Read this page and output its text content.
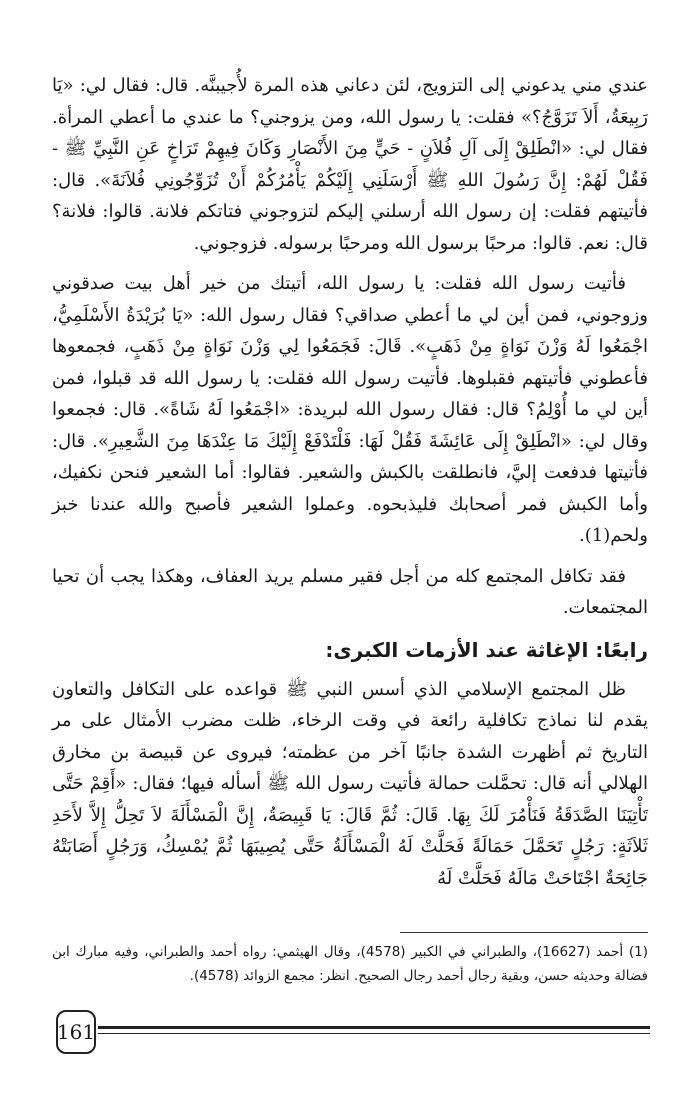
عندي مني يدعوني إلى التزويج، لئن دعاني هذه المرة لأُجيبنَّه. قال: فقال لي: «يَا رَبِيعَةُ، أَلاَ تَزَوَّجُ؟» فقلت: يا رسول الله، ومن يزوجني؟ ما عندي ما أعطي المرأة. فقال لي: «انْطَلِقْ إِلَى آلِ فُلاَنٍ - حَيٍّ مِنَ الأَنْصَارِ وَكَانَ فِيهِمْ تَرَاخٍ عَنِ النَّبِيِّ ﷺ - فَقُلْ لَهُمْ: إِنَّ رَسُولَ اللهِ ﷺ أَرْسَلَنِي إِلَيْكُمْ يَأْمُرُكُمْ أَنْ تُزَوِّجُونِي فُلاَنَةَ». قال: فأتيتهم فقلت: إن رسول الله أرسلني إليكم لتزوجوني فتاتكم فلانة. قالوا: فلانة؟ قال: نعم. قالوا: مرحبًا برسول الله ومرحبًا برسوله. فزوجوني.

فأتيت رسول الله فقلت: يا رسول الله، أتيتك من خير أهل بيت صدقوني وزوجوني، فمن أين لي ما أعطي صداقي؟ فقال رسول الله: «يَا بُرَيْدَةُ الأَسْلَمِيُّ، اجْمَعُوا لَهُ وَزْنَ نَوَاةٍ مِنْ ذَهَبٍ». قَالَ: فَجَمَعُوا لِي وَزْنَ نَوَاةٍ مِنْ ذَهَبٍ، فجمعوها فأعطوني فأتيتهم فقبلوها. فأتيت رسول الله فقلت: يا رسول الله قد قبلوا، فمن أين لي ما أُوْلِمُ؟ قال: فقال رسول الله لبريدة: «اجْمَعُوا لَهُ شَاةً». قال: فجمعوا وقال لي: «انْطَلِقْ إِلَى عَائِشَةَ فَقُلْ لَهَا: فَلْتَدْفَعْ إِلَيْكَ مَا عِنْدَهَا مِنَ الشَّعِيرِ». قال: فأتيتها فدفعت إليَّ، فانطلقت بالكبش والشعير. فقالوا: أما الشعير فنحن نكفيك، وأما الكبش فمر أصحابك فليذبحوه. وعملوا الشعير فأصبح والله عندنا خبز ولحم(1).

فقد تكافل المجتمع كله من أجل فقير مسلم يريد العفاف، وهكذا يجب أن تحيا المجتمعات.

رابعًا: الإغاثة عند الأزمات الكبرى:

ظل المجتمع الإسلامي الذي أسس النبي ﷺ قواعده على التكافل والتعاون يقدم لنا نماذج تكافلية رائعة في وقت الرخاء، ظلت مضرب الأمثال على مر التاريخ ثم أظهرت الشدة جانبًا آخر من عظمته؛ فيروى عن قبيصة بن مخارق الهلالي أنه قال: تحمَّلت حمالة فأتيت رسول الله ﷺ أسأله فيها؛ فقال: «أَقِمْ حَتَّى تَأْتِيَنَا الصَّدَقَةُ فَنَأْمُرَ لَكَ بِهَا. قَالَ: ثُمَّ قَالَ: يَا قَبِيصَةُ، إِنَّ الْمَسْأَلَةَ لاَ تَحِلُّ إِلاَّ لأَحَدِ ثَلاَثَةٍ: رَجُلٍ تَحَمَّلَ حَمَالَةً فَحَلَّتْ لَهُ الْمَسْأَلَةُ حَتَّى يُصِيبَهَا ثُمَّ يُمْسِكُ، وَرَجُلٍ أَصَابَتْهُ جَائِحَةٌ اجْتَاحَتْ مَالَهُ فَحَلَّتْ لَهُ

(1) أحمد (16627)، والطبراني في الكبير (4578)، وقال الهيثمي: رواه أحمد والطبراني، وفيه مبارك ابن فضالة وحديثه حسن، وبقية رجال أحمد رجال الصحيح. انظر: مجمع الزوائد (4578).

161
